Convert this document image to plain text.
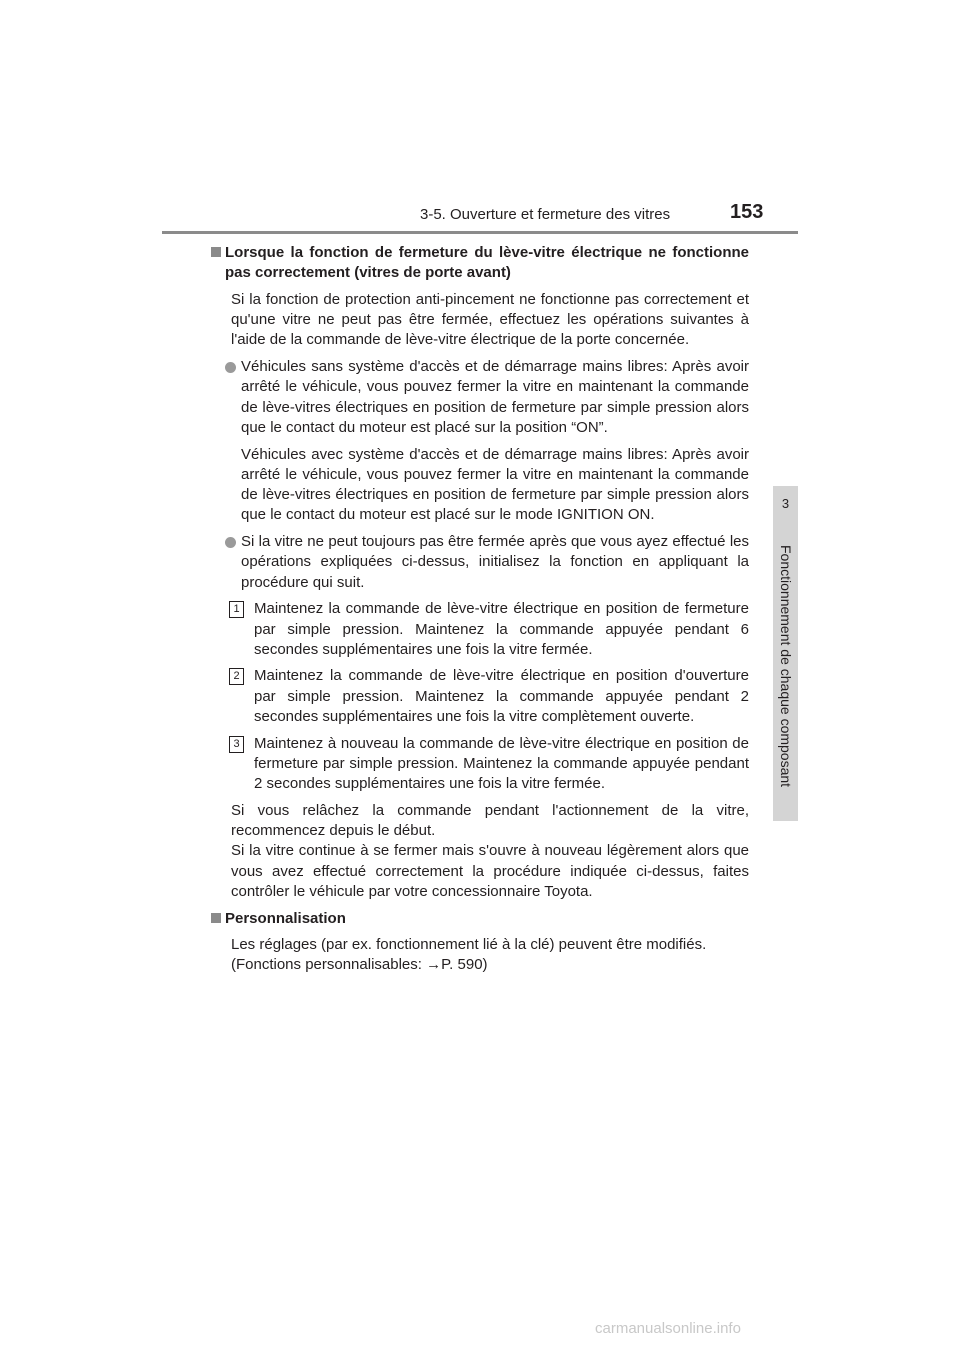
3-5. Ouverture et fermeture des vitres	153
3
Fonctionnement de chaque composant
Lorsque la fonction de fermeture du lève-vitre électrique ne fonctionne pas correctement (vitres de porte avant)

Si la fonction de protection anti-pincement ne fonctionne pas correctement et qu'une vitre ne peut pas être fermée, effectuez les opérations suivantes à l'aide de la commande de lève-vitre électrique de la porte concernée.

Véhicules sans système d'accès et de démarrage mains libres: Après avoir arrêté le véhicule, vous pouvez fermer la vitre en maintenant la commande de lève-vitres électriques en position de fermeture par simple pression alors que le contact du moteur est placé sur la position “ON”.

Véhicules avec système d'accès et de démarrage mains libres: Après avoir arrêté le véhicule, vous pouvez fermer la vitre en maintenant la commande de lève-vitres électriques en position de fermeture par simple pression alors que le contact du moteur est placé sur le mode IGNITION ON.

Si la vitre ne peut toujours pas être fermée après que vous ayez effectué les opérations expliquées ci-dessus, initialisez la fonction en appliquant la procédure qui suit.
1 Maintenez la commande de lève-vitre électrique en position de fermeture par simple pression. Maintenez la commande appuyée pendant 6 secondes supplémentaires une fois la vitre fermée.
2 Maintenez la commande de lève-vitre électrique en position d'ouverture par simple pression. Maintenez la commande appuyée pendant 2 secondes supplémentaires une fois la vitre complètement ouverte.
3 Maintenez à nouveau la commande de lève-vitre électrique en position de fermeture par simple pression. Maintenez la commande appuyée pendant 2 secondes supplémentaires une fois la vitre fermée.

Si vous relâchez la commande pendant l'actionnement de la vitre, recommencez depuis le début.

Si la vitre continue à se fermer mais s'ouvre à nouveau légèrement alors que vous avez effectué correctement la procédure indiquée ci-dessus, faites contrôler le véhicule par votre concessionnaire Toyota.

Personnalisation

Les réglages (par ex. fonctionnement lié à la clé) peuvent être modifiés.

(Fonctions personnalisables: →P. 590)

carmanualsonline.info
